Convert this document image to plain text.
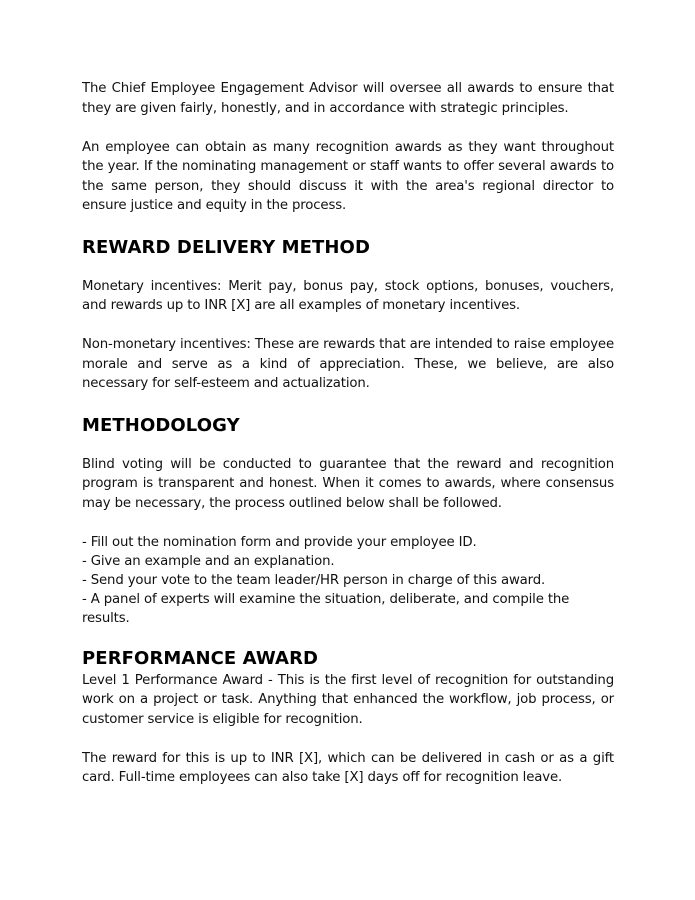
The Chief Employee Engagement Advisor will oversee all awards to ensure that they are given fairly, honestly, and in accordance with strategic principles.

An employee can obtain as many recognition awards as they want throughout the year. If the nominating management or staff wants to offer several awards to the same person, they should discuss it with the area's regional director to ensure justice and equity in the process.

REWARD DELIVERY METHOD

Monetary incentives: Merit pay, bonus pay, stock options, bonuses, vouchers, and rewards up to INR [X] are all examples of monetary incentives.

Non-monetary incentives: These are rewards that are intended to raise employee morale and serve as a kind of appreciation. These, we believe, are also necessary for self-esteem and actualization.

METHODOLOGY

Blind voting will be conducted to guarantee that the reward and recognition program is transparent and honest. When it comes to awards, where consensus may be necessary, the process outlined below shall be followed.

- Fill out the nomination form and provide your employee ID.
- Give an example and an explanation.
- Send your vote to the team leader/HR person in charge of this award.
- A panel of experts will examine the situation, deliberate, and compile the results.
PERFORMANCE AWARD

Level 1 Performance Award - This is the first level of recognition for outstanding work on a project or task. Anything that enhanced the workflow, job process, or customer service is eligible for recognition.

The reward for this is up to INR [X], which can be delivered in cash or as a gift card. Full-time employees can also take [X] days off for recognition leave.
